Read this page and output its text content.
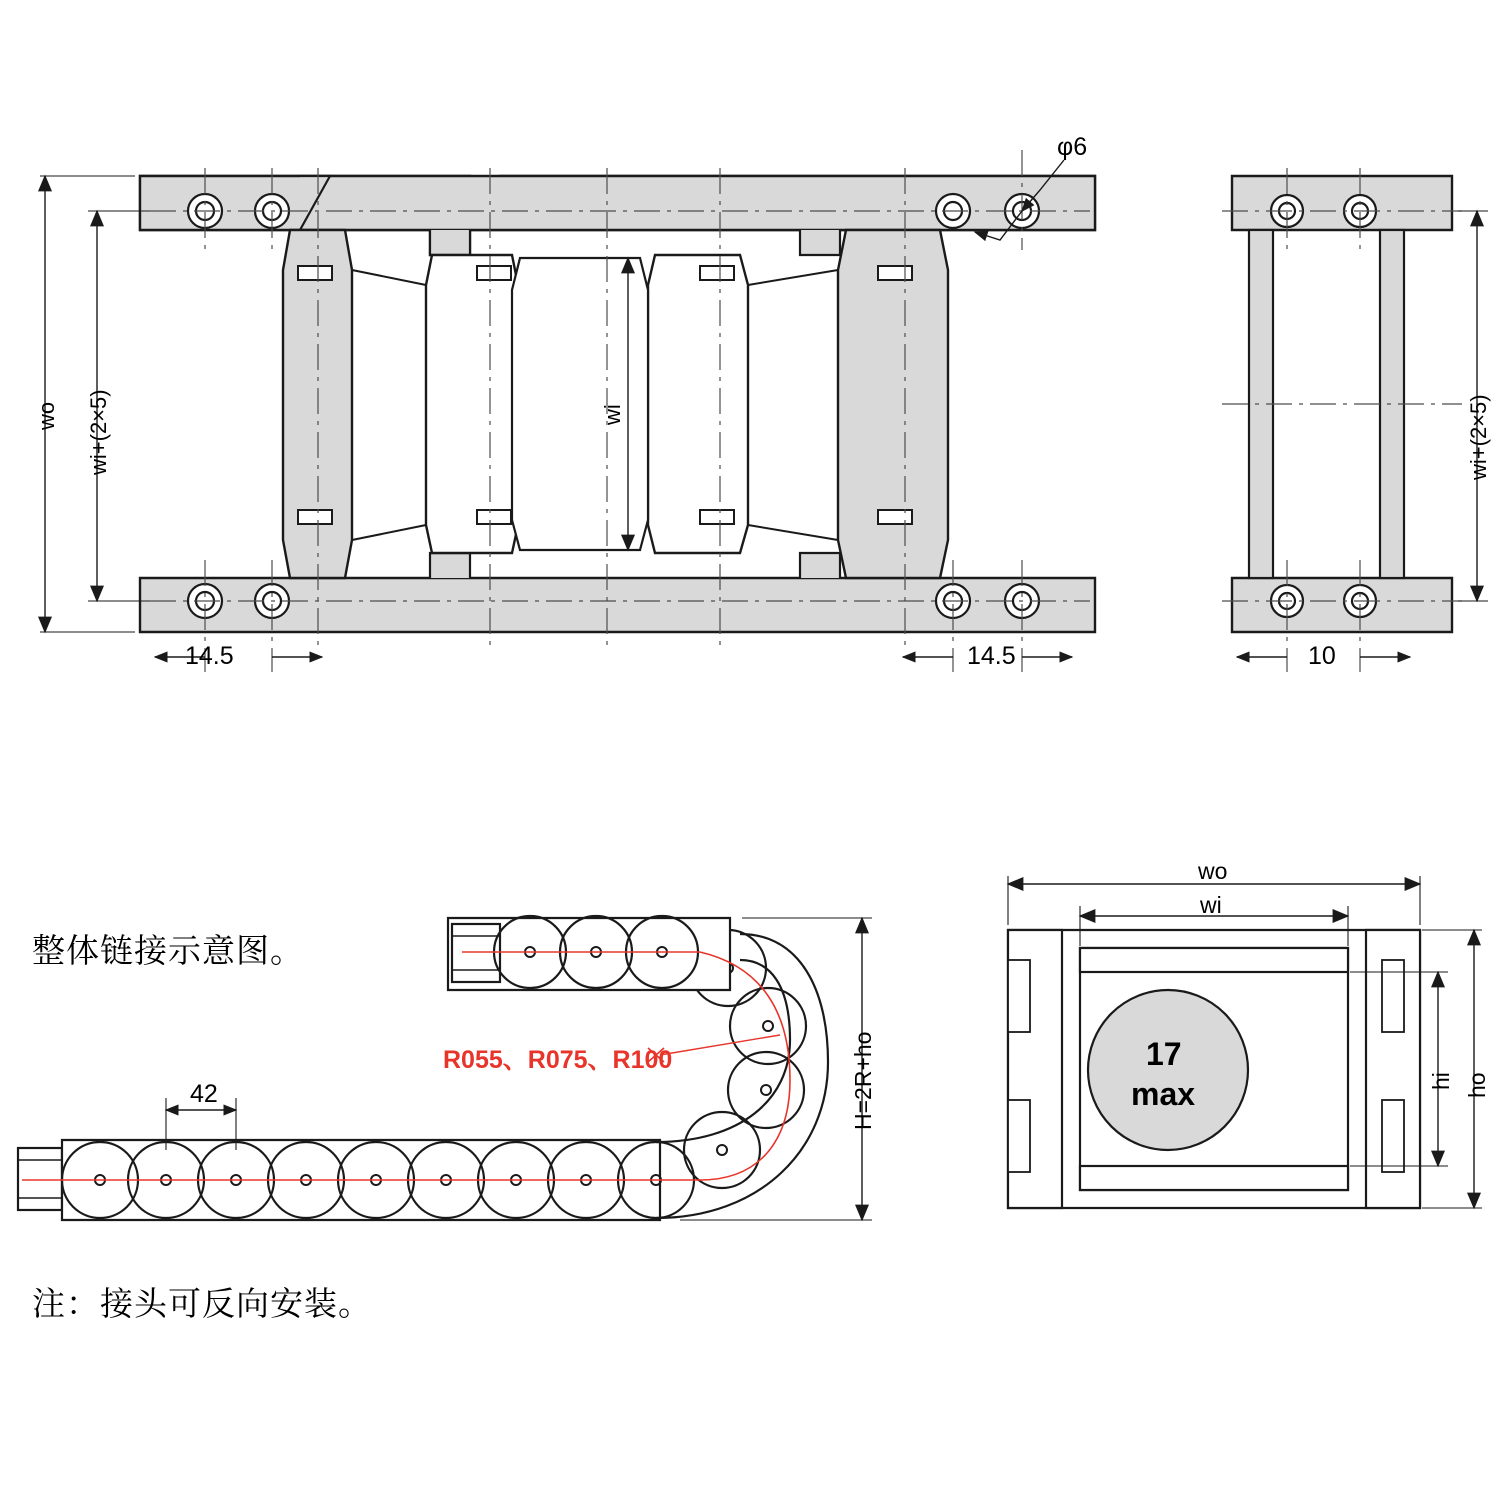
wo wi+(2×5)	wi
14.5	14.5
φ6
wi+(2×5)
10
42	H=2R+ho
R055、R075、R100
wo
wi
hi ho
17
max
整体链接示意图。
注：接头可反向安装。
